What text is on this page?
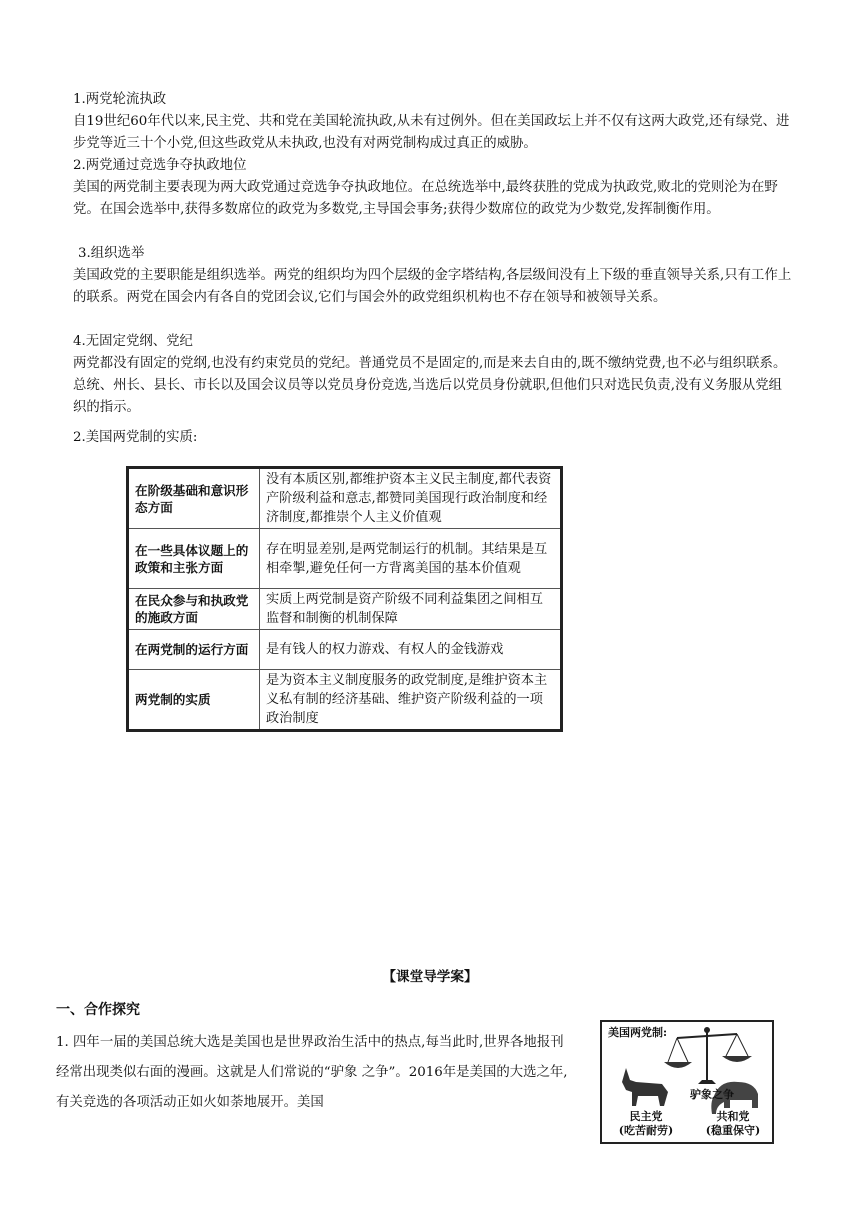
1.两党轮流执政
自19世纪60年代以来,民主党、共和党在美国轮流执政,从未有过例外。但在美国政坛上并不仅有这两大政党,还有绿党、进步党等近三十个小党,但这些政党从未执政,也没有对两党制构成过真正的威胁。
2.两党通过竞选争夺执政地位
美国的两党制主要表现为两大政党通过竞选争夺执政地位。在总统选举中,最终获胜的党成为执政党,败北的党则沦为在野党。在国会选举中,获得多数席位的政党为多数党,主导国会事务;获得少数席位的政党为少数党,发挥制衡作用。
3.组织选举
美国政党的主要职能是组织选举。两党的组织均为四个层级的金字塔结构,各层级间没有上下级的垂直领导关系,只有工作上的联系。两党在国会内有各自的党团会议,它们与国会外的政党组织机构也不存在领导和被领导关系。
4.无固定党纲、党纪
两党都没有固定的党纲,也没有约束党员的党纪。普通党员不是固定的,而是来去自由的,既不缴纳党费,也不必与组织联系。总统、州长、县长、市长以及国会议员等以党员身份竞选,当选后以党员身份就职,但他们只对选民负责,没有义务服从党组织的指示。
2.美国两党制的实质:
在阶级基础和意识形态方面	没有本质区别,都维护资本主义民主制度,都代表资产阶级利益和意志,都赞同美国现行政治制度和经济制度,都推崇个人主义价值观
在一些具体议题上的政策和主张方面	存在明显差别,是两党制运行的机制。其结果是互相牵掣,避免任何一方背离美国的基本价值观
在民众参与和执政党的施政方面	实质上两党制是资产阶级不同利益集团之间相互监督和制衡的机制保障
在两党制的运行方面	是有钱人的权力游戏、有权人的金钱游戏
两党制的实质	是为资本主义制度服务的政党制度,是维护资本主义私有制的经济基础、维护资产阶级利益的一项政治制度
【课堂导学案】
一、合作探究
1. 四年一届的美国总统大选是美国也是世界政治生活中的热点,每当此时,世界各地报刊经常出现类似右面的漫画。这就是人们常说的“驴象 之争”。2016年是美国的大选之年,有关竞选的各项活动正如火如荼地展开。美国
美国两党制:
驴象之争
民主党
(吃苦耐劳)
共和党
(稳重保守)
